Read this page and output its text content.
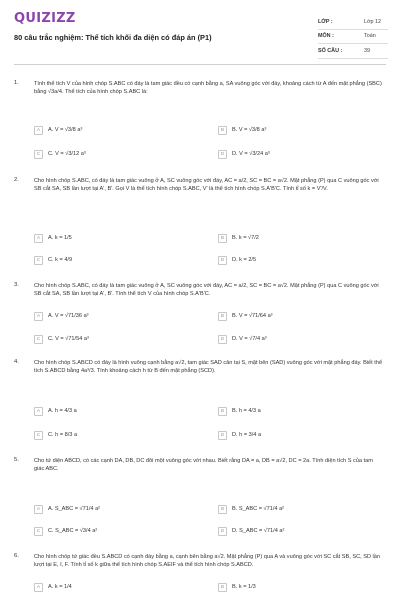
QUIZIZZ
80 câu trắc nghiệm: Thể tích khối đa diện có đáp án (P1)
LỚP :	Lớp 12
MÔN :	Toán
SỐ CÂU :	39
1.	Tính thể tích V của hình chóp S.ABC có đáy là tam giác đều có cạnh bằng a, SA vuông góc với đáy, khoảng cách từ A đến mặt phẳng (SBC) bằng √3a/4. Thể tích của hình chóp S.ABC là:
A	A. V = √3/8 a³	B	B. V = √3/8 a³
C	C. V = √3/12 a³	D	D. V = √3/24 a³
2.	Cho hình chóp S.ABC, có đáy là tam giác vuông ở A, SC vuông góc với đáy, AC = a/2, SC = BC = a√2. Mặt phẳng (P) qua C vuông góc với SB cắt SA, SB lần lượt tại A', B'. Gọi V là thể tích hình chóp S.ABC, V' là thể tích hình chóp S.A'B'C. Tính tỉ số k = V'/V.
A	A. k = 1/5	B	B. k = √7/2
C	C. k = 4/9	D	D. k = 2/5
3.	Cho hình chóp S.ABC, có đáy là tam giác vuông ở A, SC vuông góc với đáy, AC = a/2, SC = BC = a√2. Mặt phẳng (P) qua C vuông góc với SB cắt SA, SB lần lượt tại A', B'. Tính thể tích V của hình chóp S.A'B'C.
A	A. V = √71/36 a³	B	B. V = √71/64 a³
C	C. V = √71/54 a³	D	D. V = √7/4 a³
4.	Cho hình chóp S.ABCD có đáy là hình vuông cạnh bằng a√2, tam giác SAD cân tại S, mặt bên (SAD) vuông góc với mặt phẳng đáy. Biết thể tích S.ABCD bằng 4a³/3. Tính khoảng cách h từ B đến mặt phẳng (SCD).
A	A. h = 4/3 a	B	B. h = 4/3 a
C	C. h = 8/3 a	D	D. h = 3/4 a
5.	Cho tứ diện ABCD, có các cạnh DA, DB, DC đôi một vuông góc với nhau. Biết rằng DA = a, DB = a√2, DC = 2a. Tính diện tích S của tam giác ABC.
A	A. S_ABC = √71/4 a²	B	B. S_ABC = √71/4 a²
C	C. S_ABC = √3/4 a²	D	D. S_ABC = √71/4 a²
6.	Cho hình chóp tứ giác đều S.ABCD có cạnh đáy bằng a, cạnh bên bằng a√2. Mặt phẳng (P) qua A và vuông góc với SC cắt SB, SC, SD lần lượt tại E, I, F. Tính tỉ số k giữa thể tích hình chóp S.AEIF và thể tích hình chóp S.ABCD.
A	A. k = 1/4	B	B. k = 1/3
